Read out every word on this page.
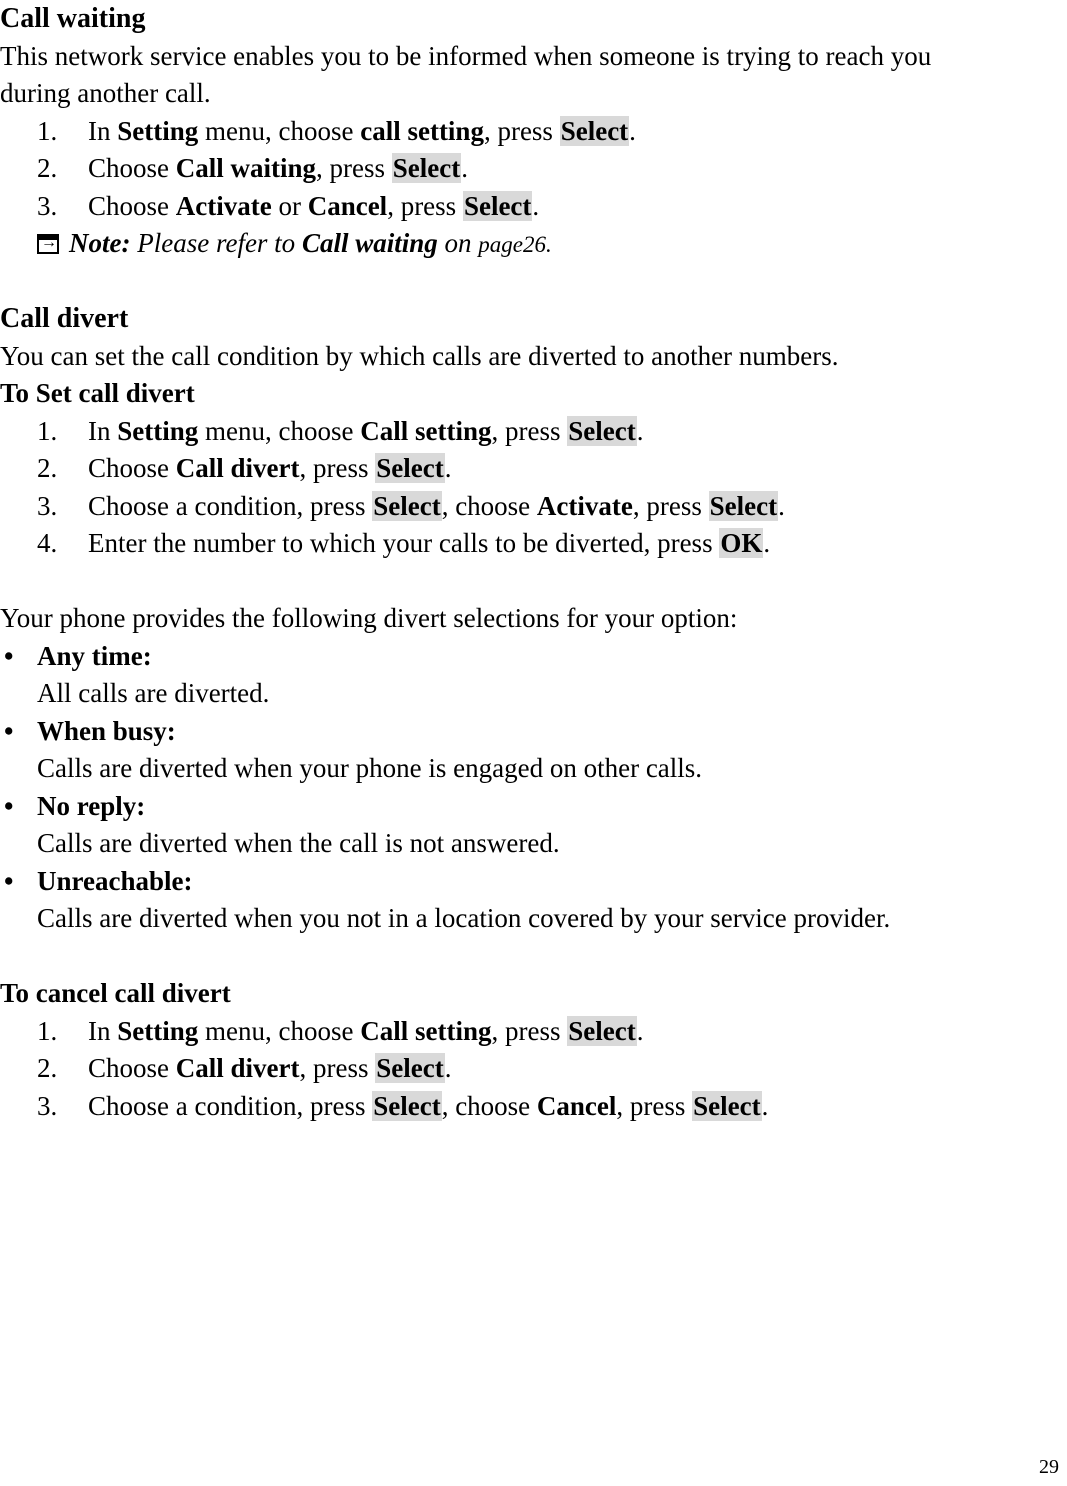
Call waiting
This network service enables you to be informed when someone is trying to reach you
during another call.
1. In Setting menu, choose call setting, press Select.
2. Choose Call waiting, press Select.
3. Choose Activate or Cancel, press Select.
→Note: Please refer to Call waiting on page26.
Call divert
You can set the call condition by which calls are diverted to another numbers.
To Set call divert
1. In Setting menu, choose Call setting, press Select.
2. Choose Call divert, press Select.
3. Choose a condition, press Select, choose Activate, press Select.
4. Enter the number to which your calls to be diverted, press OK.
Your phone provides the following divert selections for your option:
• Any time:
All calls are diverted.
• When busy:
Calls are diverted when your phone is engaged on other calls.
• No reply:
Calls are diverted when the call is not answered.
• Unreachable:
Calls are diverted when you not in a location covered by your service provider.
To cancel call divert
1. In Setting menu, choose Call setting, press Select.
2. Choose Call divert, press Select.
3. Choose a condition, press Select, choose Cancel, press Select.
29
